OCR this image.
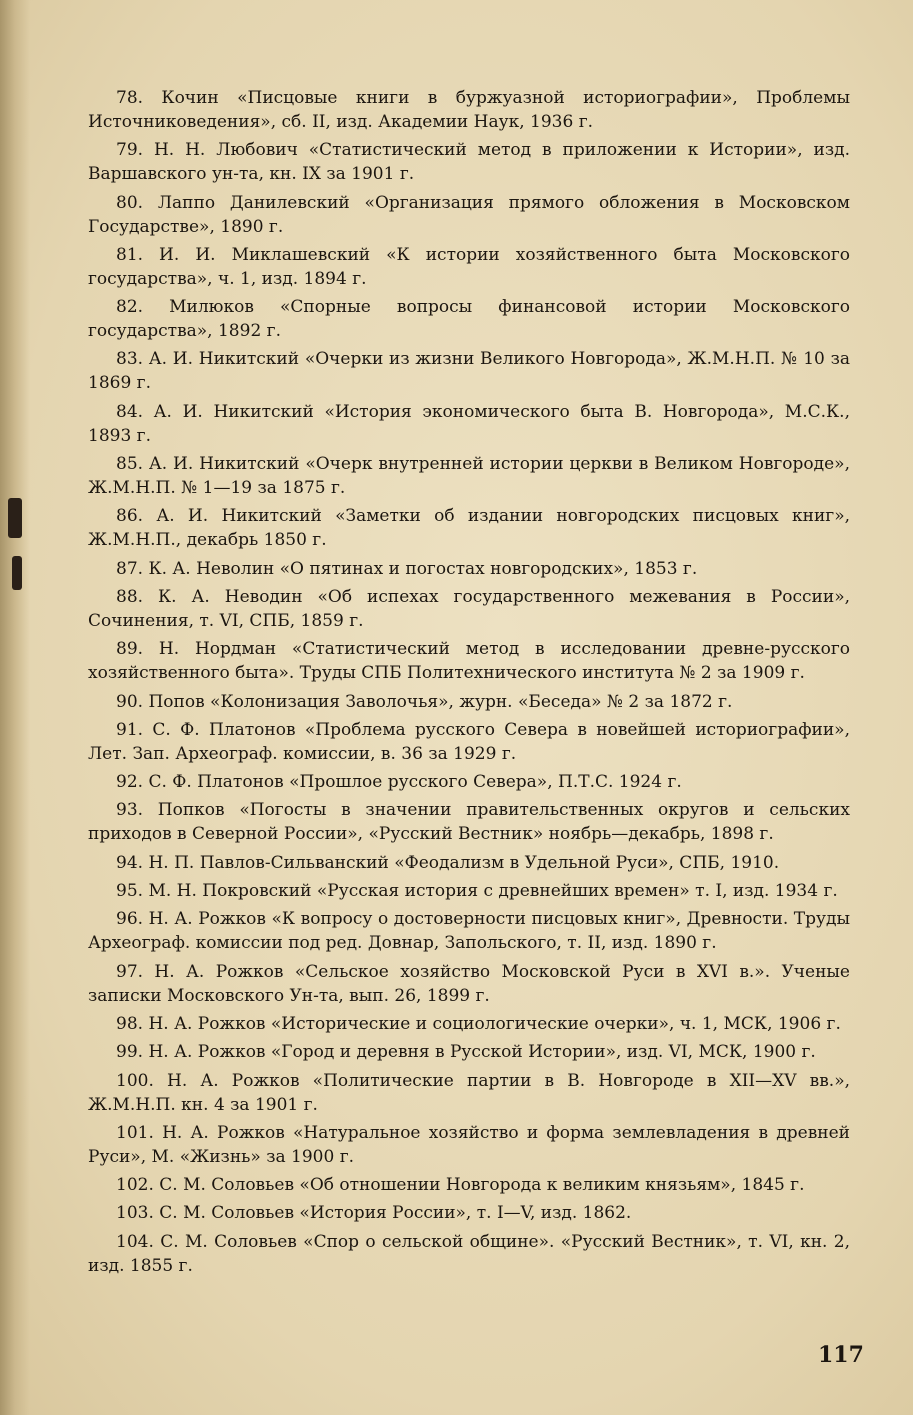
78. Кочин «Писцовые книги в буржуазной историографии», Проблемы Источниковедения», сб. II, изд. Академии Наук, 1936 г.
79. Н. Н. Любович «Статистический метод в приложении к Истории», изд. Варшавского ун-та, кн. IX за 1901 г.
80. Лаппо Данилевский «Организация прямого обложения в Московском Государстве», 1890 г.
81. И. И. Миклашевский «К истории хозяйственного быта Московского государства», ч. 1, изд. 1894 г.
82. Милюков «Спорные вопросы финансовой истории Московского государства», 1892 г.
83. А. И. Никитский «Очерки из жизни Великого Новгорода», Ж.М.Н.П. № 10 за 1869 г.
84. А. И. Никитский «История экономического быта В. Новгорода», М.С.К., 1893 г.
85. А. И. Никитский «Очерк внутренней истории церкви в Великом Новгороде», Ж.М.Н.П. № 1—19 за 1875 г.
86. А. И. Никитский «Заметки об издании новгородских писцовых книг», Ж.М.Н.П., декабрь 1850 г.
87. К. А. Неволин «О пятинах и погостах новгородских», 1853 г.
88. К. А. Неводин «Об испехах государственного межевания в России», Сочинения, т. VI, СПБ, 1859 г.
89. Н. Нордман «Статистический метод в исследовании древне-русского хозяйственного быта». Труды СПБ Политехнического института № 2 за 1909 г.
90. Попов «Колонизация Заволочья», журн. «Беседа» № 2 за 1872 г.
91. С. Ф. Платонов «Проблема русского Севера в новейшей историографии», Лет. Зап. Археограф. комиссии, в. 36 за 1929 г.
92. С. Ф. Платонов «Прошлое русского Севера», П.Т.С. 1924 г.
93. Попков «Погосты в значении правительственных округов и сельских приходов в Северной России», «Русский Вестник» ноябрь—декабрь, 1898 г.
94. Н. П. Павлов-Сильванский «Феодализм в Удельной Руси», СПБ, 1910.
95. М. Н. Покровский «Русская история с древнейших времен» т. I, изд. 1934 г.
96. Н. А. Рожков «К вопросу о достоверности писцовых книг», Древности. Труды Археограф. комиссии под ред. Довнар, Запольского, т. II, изд. 1890 г.
97. Н. А. Рожков «Сельское хозяйство Московской Руси в XVI в.». Ученые записки Московского Ун-та, вып. 26, 1899 г.
98. Н. А. Рожков «Исторические и социологические очерки», ч. 1, МСК, 1906 г.
99. Н. А. Рожков «Город и деревня в Русской Истории», изд. VI, МСК, 1900 г.
100. Н. А. Рожков «Политические партии в В. Новгороде в XII—XV вв.», Ж.М.Н.П. кн. 4 за 1901 г.
101. Н. А. Рожков «Натуральное хозяйство и форма землевладения в древней Руси», М. «Жизнь» за 1900 г.
102. С. М. Соловьев «Об отношении Новгорода к великим князьям», 1845 г.
103. С. М. Соловьев «История России», т. I—V, изд. 1862.
104. С. М. Соловьев «Спор о сельской общине». «Русский Вестник», т. VI, кн. 2, изд. 1855 г.

117
